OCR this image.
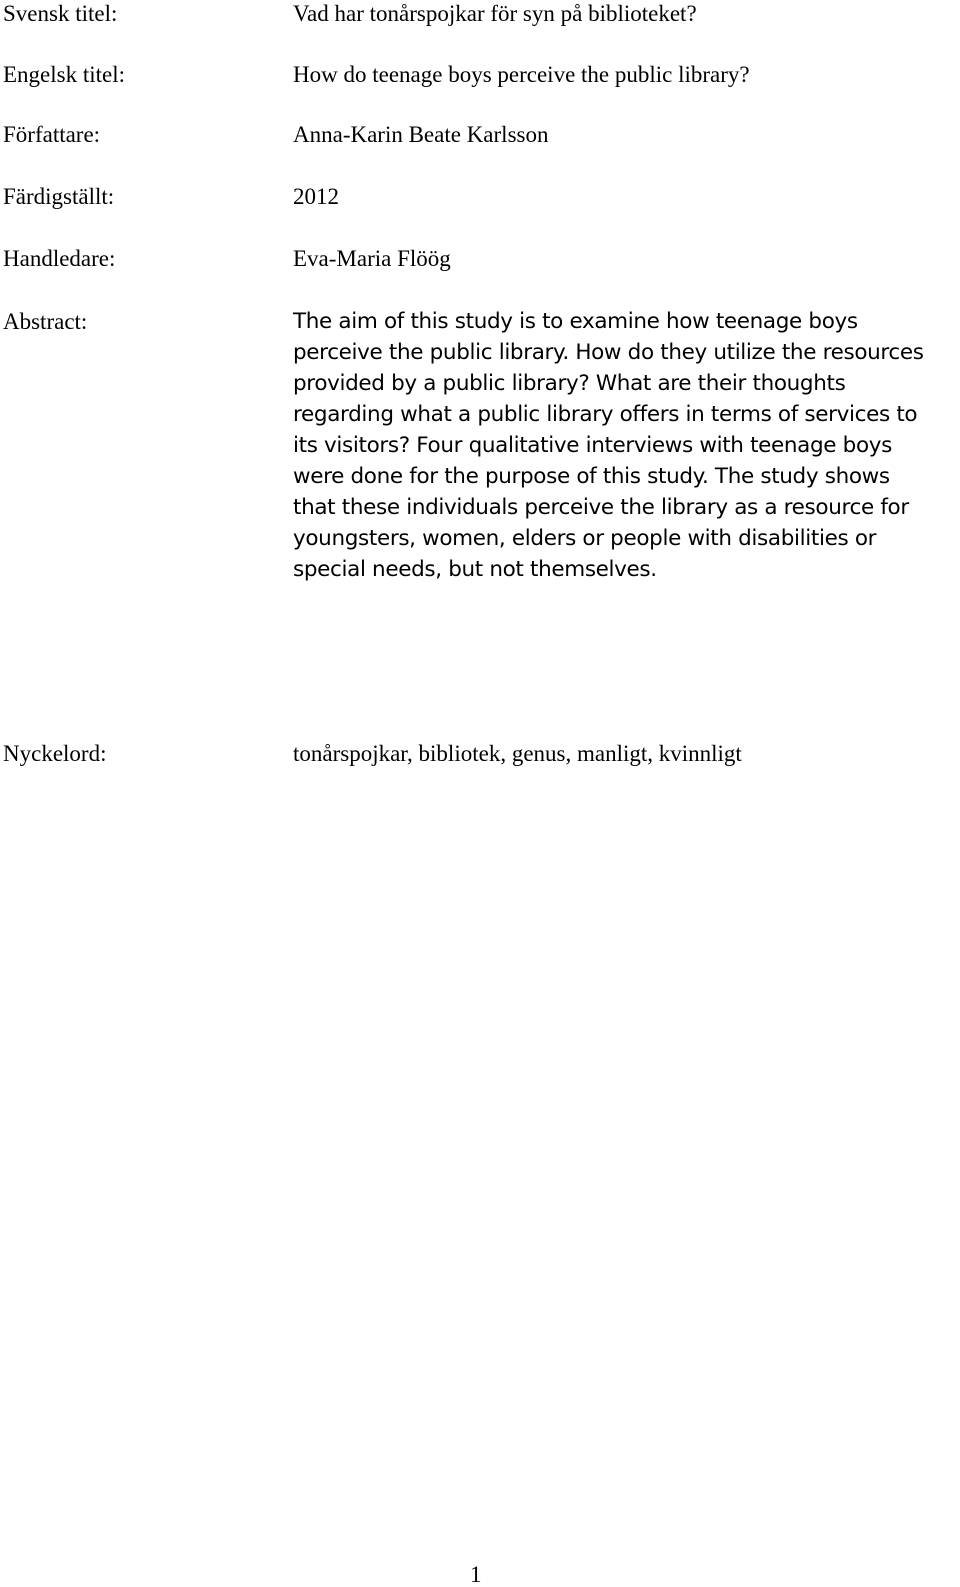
Svensk titel:	Vad har tonårspojkar för syn på biblioteket?
Engelsk titel:	How do teenage boys perceive the public library?
Författare:	Anna-Karin Beate Karlsson
Färdigställt:	2012
Handledare:	Eva-Maria Flöög
Abstract:	The aim of this study is to examine how teenage boys
perceive the public library. How do they utilize the resources
provided by a public library? What are their thoughts
regarding what a public library offers in terms of services to
its visitors? Four qualitative interviews with teenage boys
were done for the purpose of this study. The study shows
that these individuals perceive the library as a resource for
youngsters, women, elders or people with disabilities or
special needs, but not themselves.
Nyckelord:	tonårspojkar, bibliotek, genus, manligt, kvinnligt
1
